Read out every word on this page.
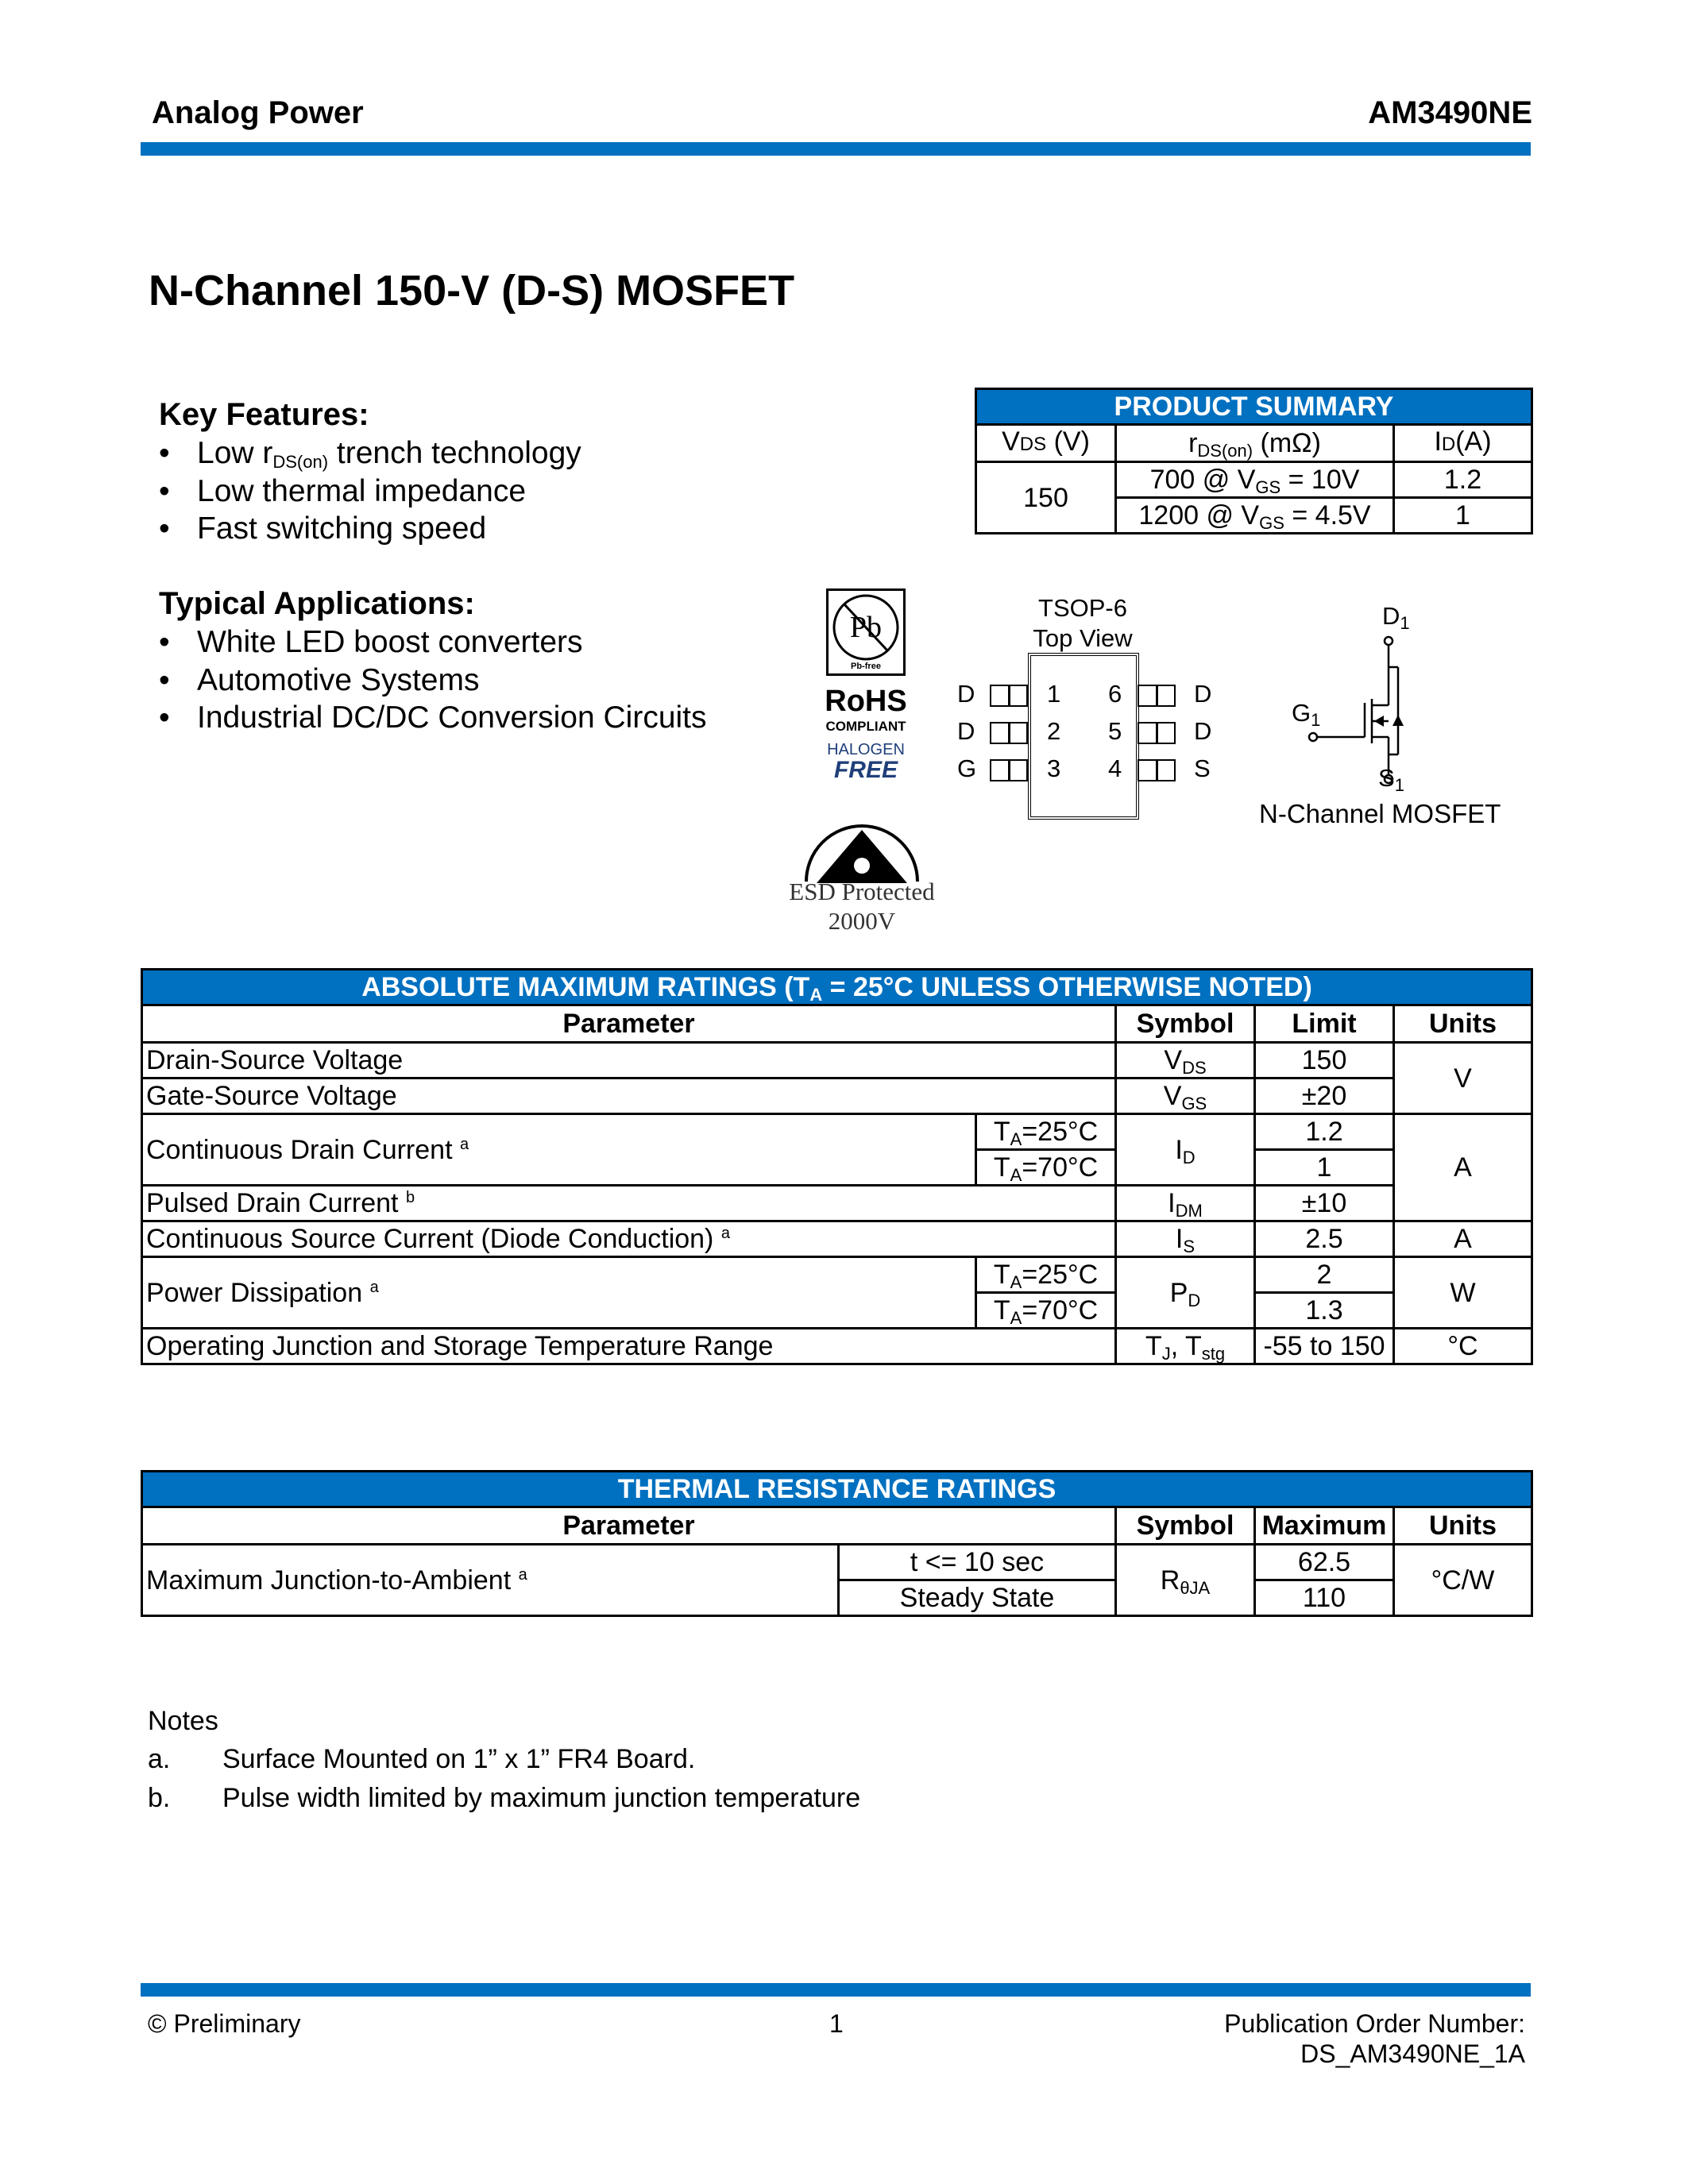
Analog Power	AM3490NE
N-Channel 150-V (D-S) MOSFET
Key Features:
• Low $r_{DS(on)}$ trench technology
• Low thermal impedance
• Fast switching speed
Typical Applications:
• White LED boost converters
• Automotive Systems
• Industrial DC/DC Conversion Circuits
PRODUCT SUMMARY		
VDS (V)	$r_{DS(on)}$ (mΩ)	ID(A)
150	700 @ $V_{GS} = 10V$	1.2
	1200 @ $V_{GS} = 4.5V$	1
Pb
Pb-free
RoHS
COMPLIANT
HALOGEN
FREE
ESD Protected
2000V
TSOP-6
Top View
1
D	6	D
2
D	5	D
3
G	4	S
$D_1$
$G_1$
$S_1$
N-Channel MOSFET
ABSOLUTE MAXIMUM RATINGS ($T_A = 25^\circ C$ UNLESS OTHERWISE NOTED)				
Parameter		Symbol	Limit	Units
Drain-Source Voltage		$V_{DS}$	150	V
Gate-Source Voltage		$V_{GS}$	±20	
Continuous Drain Current $^a$	$T_A=25^\circ C$	$I_D$	1.2	A
	$T_A=70^\circ C$		1	
Pulsed Drain Current $^b$		$I_{DM}$	±10	
Continuous Source Current (Diode Conduction) $^a$		$I_S$	2.5	A
Power Dissipation $^a$	$T_A=25^\circ C$	$P_D$	2	W
	$T_A=70^\circ C$		1.3	
Operating Junction and Storage Temperature Range		$T_J$, $T_{stg}$	-55 to 150	°C
THERMAL RESISTANCE RATINGS				
Parameter		Symbol	Maximum	Units
Maximum Junction-to-Ambient $^a$	t <= 10 sec	$R_{\theta JA}$	62.5	°C/W
	Steady State		110	
Notes
a. Surface Mounted on 1” x 1” FR4 Board.
b. Pulse width limited by maximum junction temperature
© Preliminary	1	Publication Order Number:
DS_AM3490NE_1A
